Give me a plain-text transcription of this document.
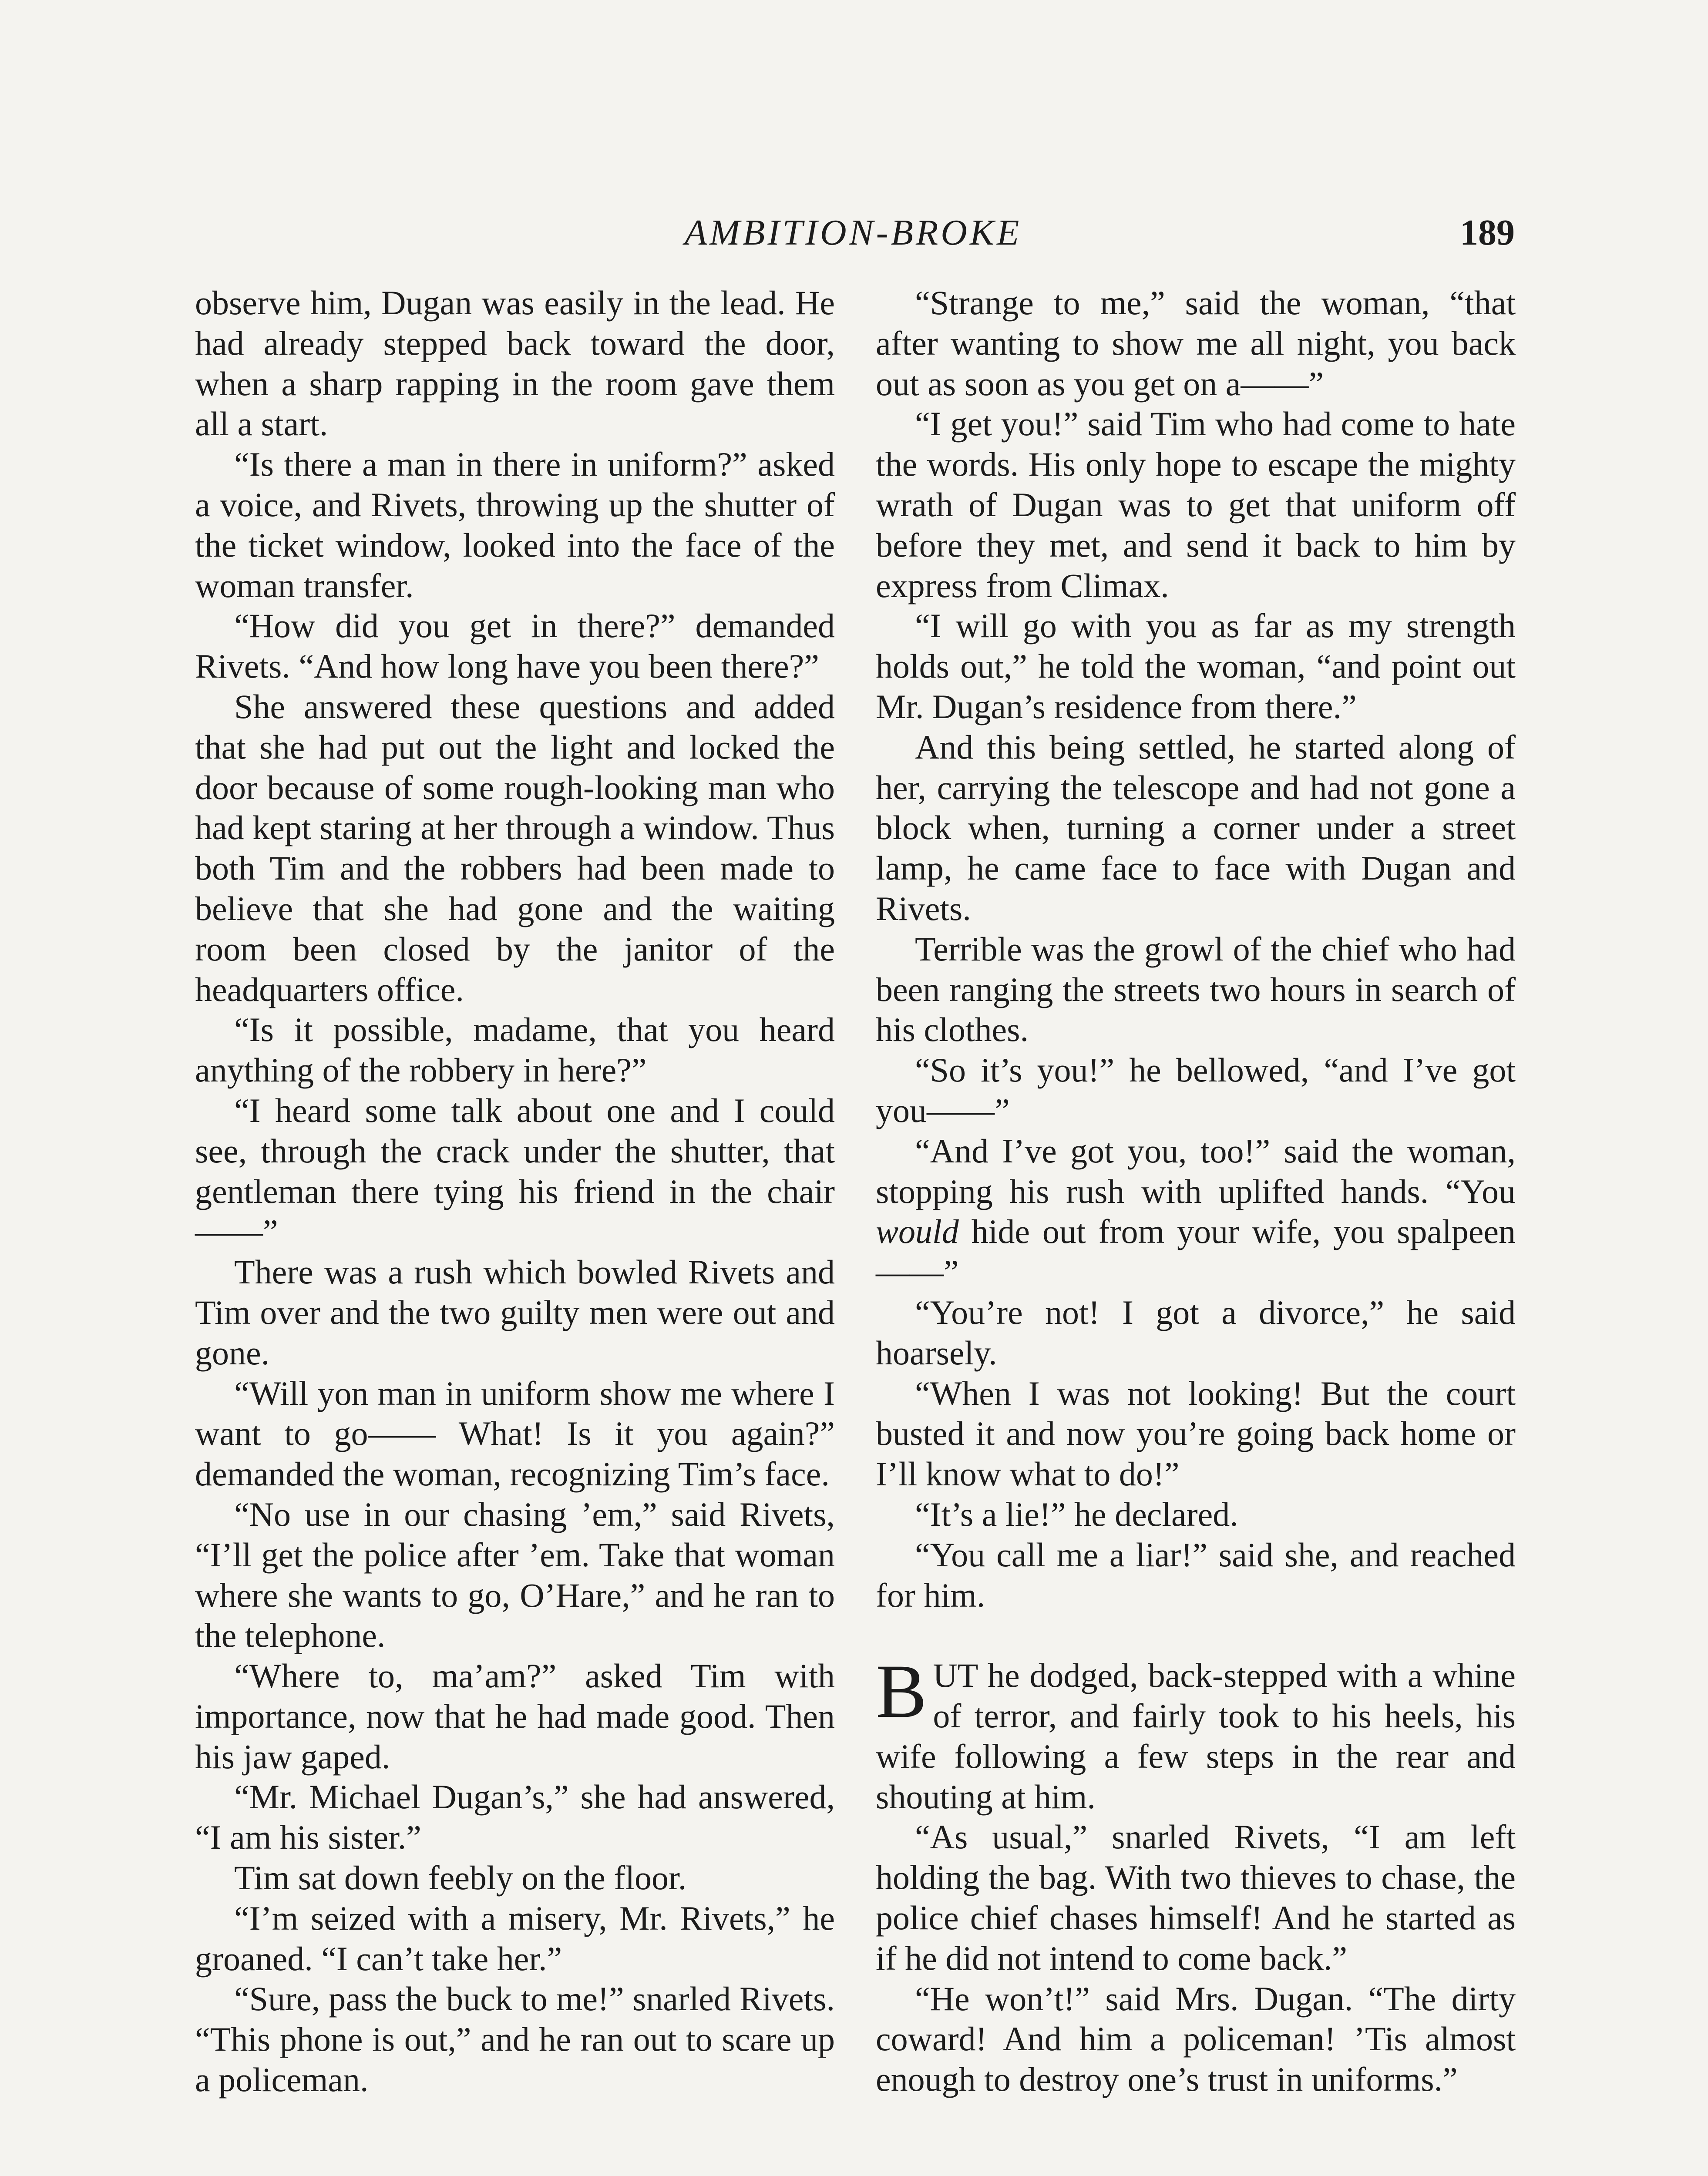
AMBITION-BROKE	189

observe him, Dugan was easily in the lead. He had already stepped back toward the door, when a sharp rapping in the room gave them all a start.

“Is there a man in there in uniform?” asked a voice, and Rivets, throwing up the shutter of the ticket window, looked into the face of the woman transfer.

“How did you get in there?” demanded Rivets. “And how long have you been there?”

She answered these questions and added that she had put out the light and locked the door because of some rough-looking man who had kept staring at her through a window. Thus both Tim and the robbers had been made to believe that she had gone and the waiting room been closed by the janitor of the headquarters office.

“Is it possible, madame, that you heard anything of the robbery in here?”

“I heard some talk about one and I could see, through the crack under the shutter, that gentleman there tying his friend in the chair——”

There was a rush which bowled Rivets and Tim over and the two guilty men were out and gone.

“Will yon man in uniform show me where I want to go—— What! Is it you again?” demanded the woman, recognizing Tim’s face.

“No use in our chasing ’em,” said Rivets, “I’ll get the police after ’em. Take that woman where she wants to go, O’Hare,” and he ran to the telephone.

“Where to, ma’am?” asked Tim with importance, now that he had made good. Then his jaw gaped.

“Mr. Michael Dugan’s,” she had answered, “I am his sister.”

Tim sat down feebly on the floor.

“I’m seized with a misery, Mr. Rivets,” he groaned. “I can’t take her.”

“Sure, pass the buck to me!” snarled Rivets. “This phone is out,” and he ran out to scare up a policeman.

“Strange to me,” said the woman, “that after wanting to show me all night, you back out as soon as you get on a——”

“I get you!” said Tim who had come to hate the words. His only hope to escape the mighty wrath of Dugan was to get that uniform off before they met, and send it back to him by express from Climax.

“I will go with you as far as my strength holds out,” he told the woman, “and point out Mr. Dugan’s residence from there.”

And this being settled, he started along of her, carrying the telescope and had not gone a block when, turning a corner under a street lamp, he came face to face with Dugan and Rivets.

Terrible was the growl of the chief who had been ranging the streets two hours in search of his clothes.

“So it’s you!” he bellowed, “and I’ve got you——”

“And I’ve got you, too!” said the woman, stopping his rush with uplifted hands. “You would hide out from your wife, you spalpeen——”

“You’re not! I got a divorce,” he said hoarsely.

“When I was not looking! But the court busted it and now you’re going back home or I’ll know what to do!”

“It’s a lie!” he declared.

“You call me a liar!” said she, and reached for him.

BUT he dodged, back-stepped with a whine of terror, and fairly took to his heels, his wife following a few steps in the rear and shouting at him.

“As usual,” snarled Rivets, “I am left holding the bag. With two thieves to chase, the police chief chases himself! And he started as if he did not intend to come back.”

“He won’t!” said Mrs. Dugan. “The dirty coward! And him a policeman! ’Tis almost enough to destroy one’s trust in uniforms.”
